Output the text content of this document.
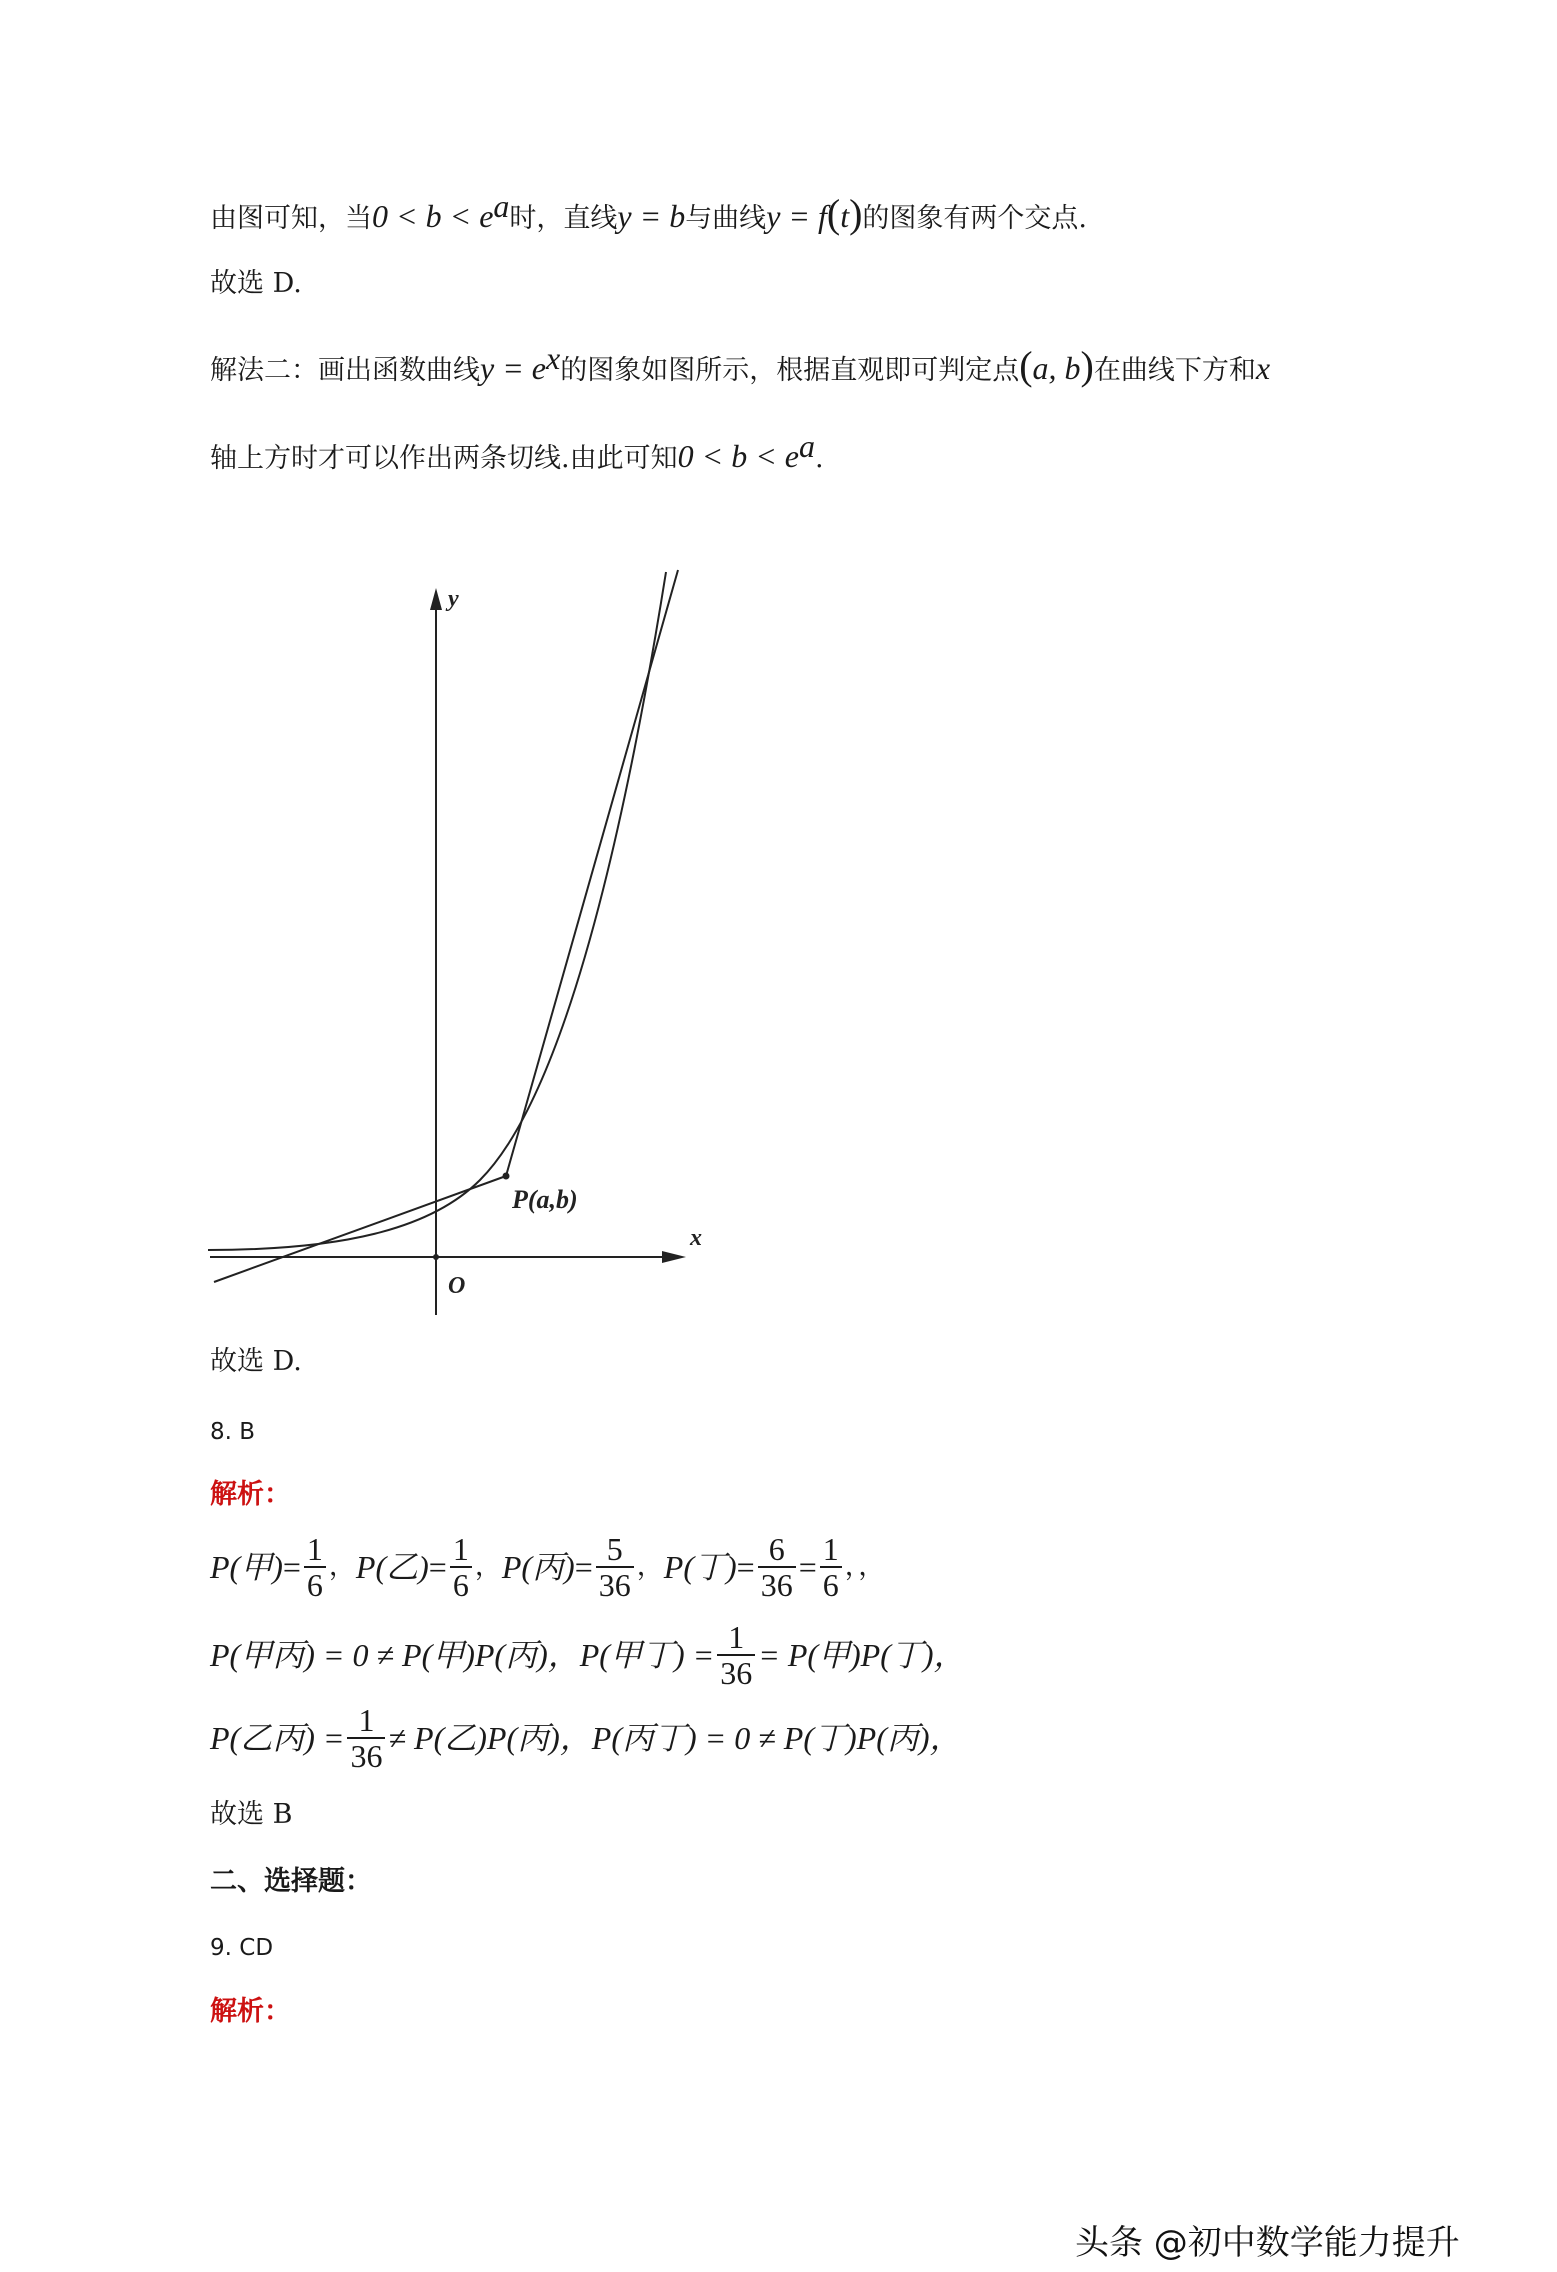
由图可知，当$0 < b < e^a$时，直线y = b与曲线y = f(t)的图象有两个交点.
故选 D.
解法二：画出函数曲线$y = e^x$的图象如图所示，根据直观即可判定点(a, b)在曲线下方和x
轴上方时才可以作出两条切线.由此可知$0 < b < e^a$.
y
x
O
P(a,b)
故选 D.
8. B
解析：
P(甲) = $\frac{1}{6}$ ， P(乙) = $\frac{1}{6}$ ， P(丙) = $\frac{5}{36}$ ， P(丁) = $\frac{6}{36} = \frac{1}{6}$ ，，
P(甲丙) = 0 ≠ P(甲)P(丙)， P(甲丁) = $\frac{1}{36} = P$(甲)P(丁)，
P(乙丙) = $\frac{1}{36} \ne P$(乙)P(丙)， P(丙丁) = 0 ≠ P(丁)P(丙)，
故选 B
二、选择题：
9. CD
解析：
头条 @初中数学能力提升
